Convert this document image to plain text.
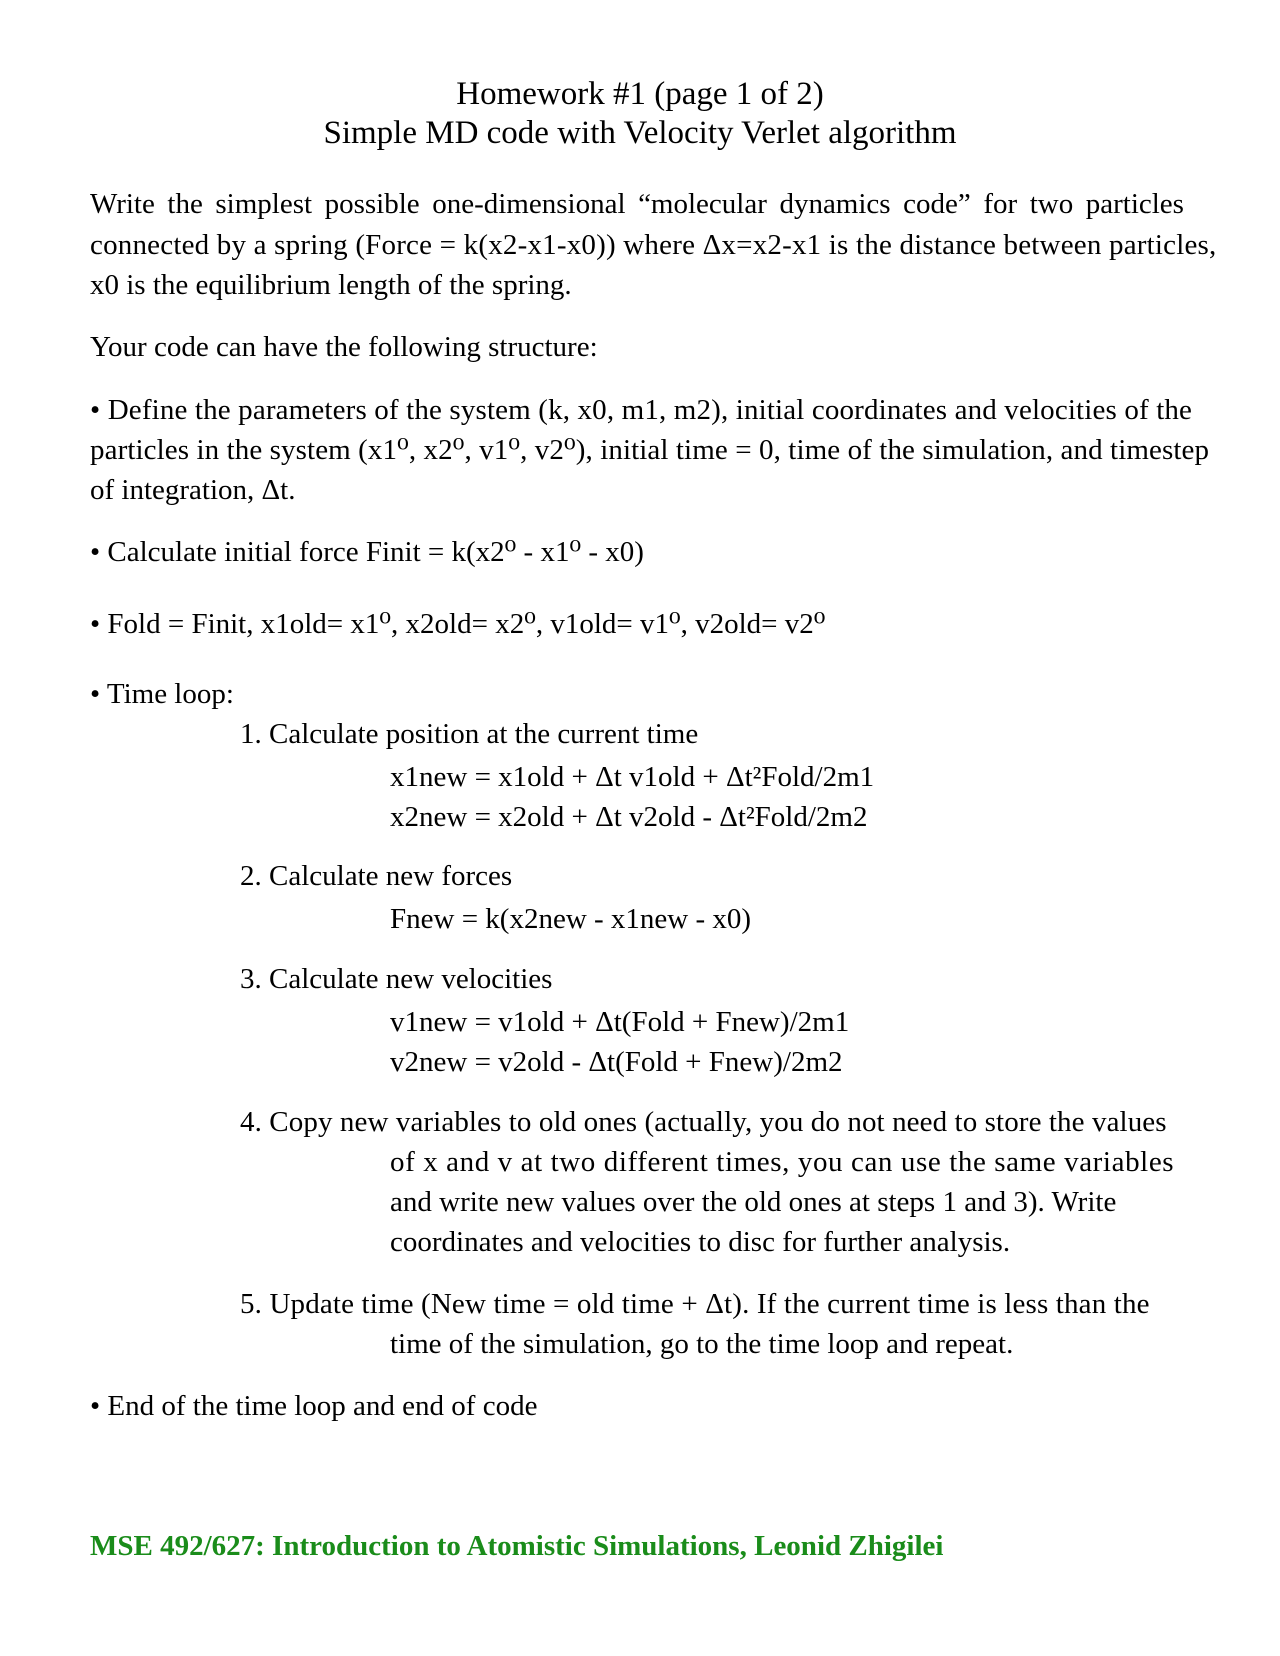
Homework #1 (page 1 of 2)
Simple MD code with Velocity Verlet algorithm
Write the simplest possible one-dimensional “molecular dynamics code” for two particles
connected by a spring (Force = k(x2-x1-x0)) where Δx=x2-x1 is the distance between particles,
x0 is the equilibrium length of the spring.
Your code can have the following structure:
• Define the parameters of the system (k, x0, m1, m2), initial coordinates and velocities of the
particles in the system (x1⁰, x2⁰, v1⁰, v2⁰), initial time = 0, time of the simulation, and timestep
of integration, Δt.
• Calculate initial force Finit = k(x2⁰ - x1⁰ - x0)
• Fold = Finit, x1old= x1⁰, x2old= x2⁰, v1old= v1⁰, v2old= v2⁰
• Time loop:
1. Calculate position at the current time
x1new = x1old + Δt v1old + Δt²Fold/2m1
x2new = x2old + Δt v2old - Δt²Fold/2m2
2. Calculate new forces
Fnew = k(x2new - x1new - x0)
3. Calculate new velocities
v1new = v1old + Δt(Fold + Fnew)/2m1
v2new = v2old - Δt(Fold + Fnew)/2m2
4. Copy new variables to old ones (actually, you do not need to store the values
of x and v at two different times, you can use the same variables
and write new values over the old ones at steps 1 and 3). Write
coordinates and velocities to disc for further analysis.
5. Update time (New time = old time + Δt). If the current time is less than the
time of the simulation, go to the time loop and repeat.
• End of the time loop and end of code
MSE 492/627: Introduction to Atomistic Simulations, Leonid Zhigilei
